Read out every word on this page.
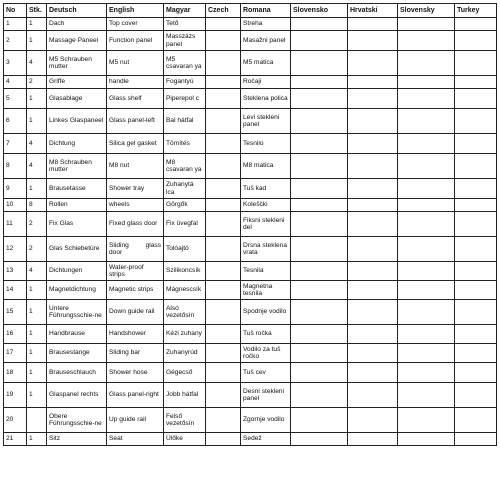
No	Stk.	Deutsch	English	Magyar	Czech	Romana	Slovensko	Hrvatski	Slovensky	Turkey
1	1	Dach	Top cover	Tető		Streha				
2	1	Massage Paneel	Function panel	Masszázs panel		Masažni panel				
3	4	M5 Schrauben mutter	M5 nut	M5 csavaran ya		M5 matica				
4	2	Griffe	handle	Fogantyú		Ročaji				
5	1	Glasablage	Glass shelf	Piperepol c		Steklena polica				
6	1	Linkes Glaspaneel	Glass panel-left	Bal hátfal		Levi stekleni panel				
7	4	Dichtung	Silica gel gasket	Tömítés		Tesnilo				
8	4	M8 Schrauben mutter	M8 nut	M8 csavaran ya		M8 matica				
9	1	Brausetasse	Shower tray	Zuhanytá lca		Tuš kad				
10	8	Rollen	wheels	Görgők		Koleščki				
11	2	Fix Glas	Fixed glass door	Fix üvegfal		Fiksni stekleni del				
12	2	Glas Schiebetüre	Sliding glass door	Tolóajtó		Drsna steklena vrata				
13	4	Dichtungen	Water-proof strips	Szilikoncsík		Tesnila				
14	1	Magnetdichtung	Magnetic strips	Mágnescsík		Magnetna tesnila				
15	1	Untere Führungsschie-ne	Down guide rail	Alsó vezetősín		Spodnje vodilo				
16	1	Handbrause	Handshower	Kézi zuhany		Tuš ročka				
17	1	Brausestange	Sliding bar	Zuhanyrúd		Vodilo za tuš ročko				
18	1	Brauseschlauch	Shower hose	Gégecső		Tuš cev				
19	1	Glaspanel rechts	Glass panel-right	Jobb hátfal		Desni stekleni panel				
20		Obere Führungsschie-ne	Up guide rail	Felső vezetősín		Zgornje vodilo				
21	1	Sitz	Seat	Ülőke		Sedež				
